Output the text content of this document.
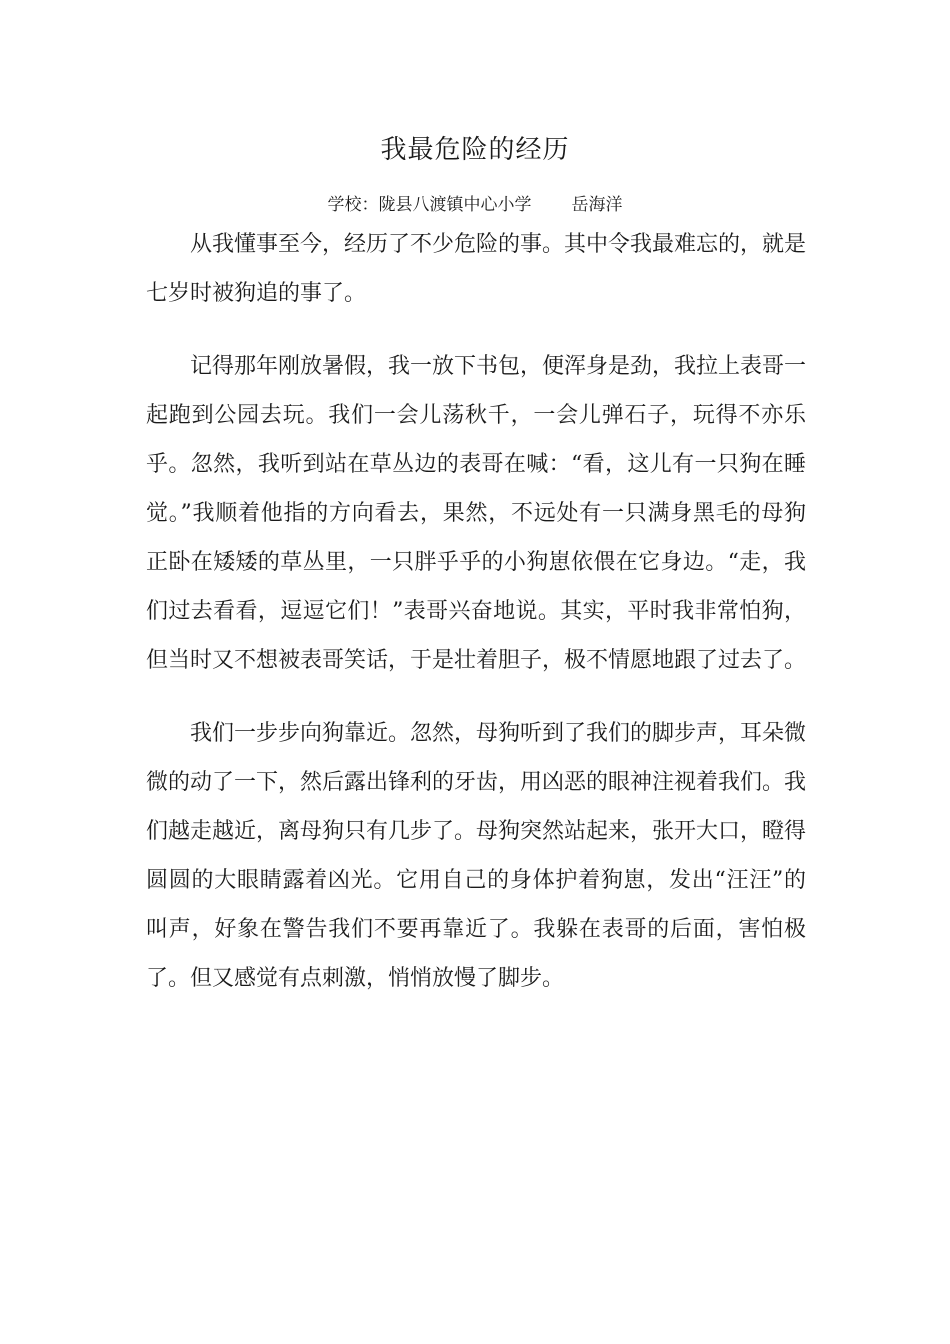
我最危险的经历
学校：陇县八渡镇中心小学 岳海洋

从我懂事至今，经历了不少危险的事。其中令我最难忘的，就是七岁时被狗追的事了。

记得那年刚放暑假，我一放下书包，便浑身是劲，我拉上表哥一起跑到公园去玩。我们一会儿荡秋千，一会儿弹石子，玩得不亦乐乎。忽然，我听到站在草丛边的表哥在喊：“看，这儿有一只狗在睡觉。”我顺着他指的方向看去，果然，不远处有一只满身黑毛的母狗正卧在矮矮的草丛里，一只胖乎乎的小狗崽依偎在它身边。“走，我们过去看看，逗逗它们！”表哥兴奋地说。其实，平时我非常怕狗，但当时又不想被表哥笑话，于是壮着胆子，极不情愿地跟了过去了。

我们一步步向狗靠近。忽然，母狗听到了我们的脚步声，耳朵微微的动了一下，然后露出锋利的牙齿，用凶恶的眼神注视着我们。我们越走越近，离母狗只有几步了。母狗突然站起来，张开大口，瞪得圆圆的大眼睛露着凶光。它用自己的身体护着狗崽，发出“汪汪”的叫声，好象在警告我们不要再靠近了。我躲在表哥的后面，害怕极了。但又感觉有点刺激，悄悄放慢了脚步。
